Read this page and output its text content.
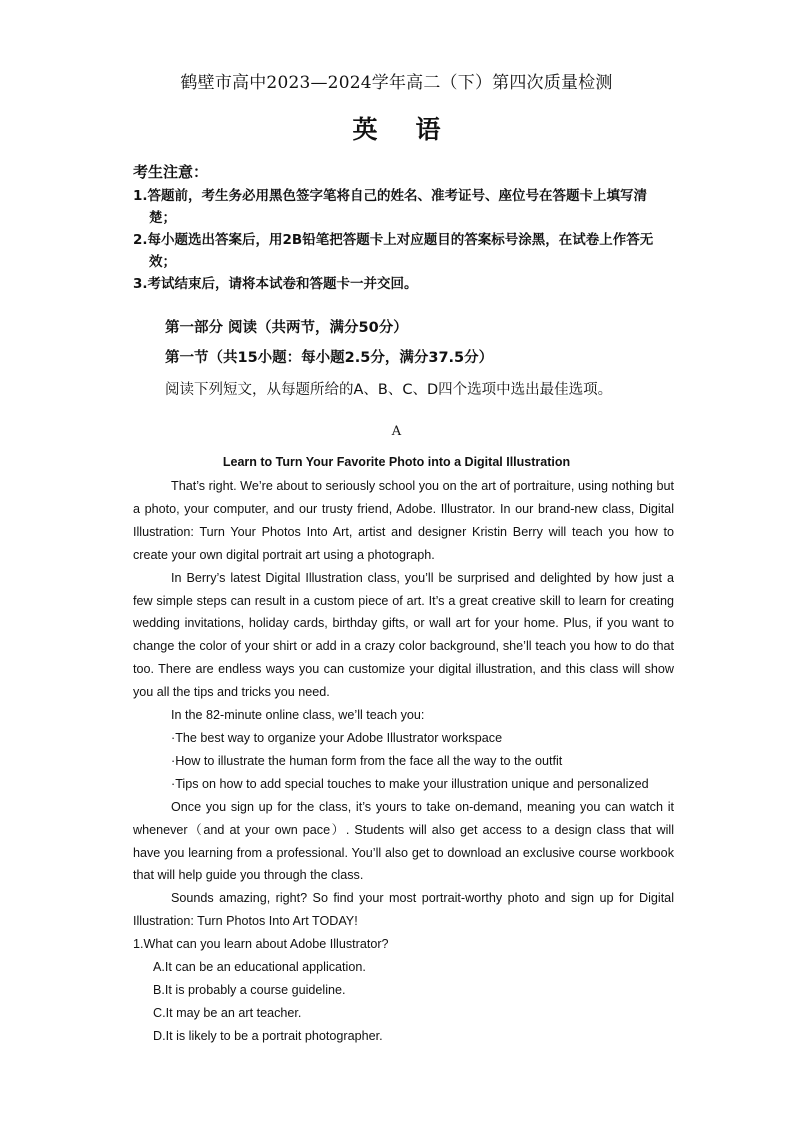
鹤壁市高中2023—2024学年高二（下）第四次质量检测
英 语
考生注意：
1.答题前，考生务必用黑色签字笔将自己的姓名、准考证号、座位号在答题卡上填写清楚；
2.每小题选出答案后，用2B铅笔把答题卡上对应题目的答案标号涂黑，在试卷上作答无效；
3.考试结束后，请将本试卷和答题卡一并交回。
第一部分 阅读（共两节，满分50分）
第一节（共15小题：每小题2.5分，满分37.5分）
阅读下列短文，从每题所给的A、B、C、D四个选项中选出最佳选项。
A
Learn to Turn Your Favorite Photo into a Digital Illustration

That’s right. We’re about to seriously school you on the art of portraiture, using nothing but a photo, your computer, and our trusty friend, Adobe. Illustrator. In our brand-new class, Digital Illustration: Turn Your Photos Into Art, artist and designer Kristin Berry will teach you how to create your own digital portrait art using a photograph.

In Berry’s latest Digital Illustration class, you’ll be surprised and delighted by how just a few simple steps can result in a custom piece of art. It’s a great creative skill to learn for creating wedding invitations, holiday cards, birthday gifts, or wall art for your home. Plus, if you want to change the color of your shirt or add in a crazy color background, she’ll teach you how to do that too. There are endless ways you can customize your digital illustration, and this class will show you all the tips and tricks you need.

In the 82-minute online class, we’ll teach you:

·The best way to organize your Adobe Illustrator workspace

·How to illustrate the human form from the face all the way to the outfit

·Tips on how to add special touches to make your illustration unique and personalized

Once you sign up for the class, it’s yours to take on-demand, meaning you can watch it whenever（and at your own pace）. Students will also get access to a design class that will have you learning from a professional. You’ll also get to download an exclusive course workbook that will help guide you through the class.

Sounds amazing, right? So find your most portrait-worthy photo and sign up for Digital Illustration: Turn Photos Into Art TODAY!

1.What can you learn about Adobe Illustrator?

A.It can be an educational application.

B.It is probably a course guideline.

C.It may be an art teacher.

D.It is likely to be a portrait photographer.
